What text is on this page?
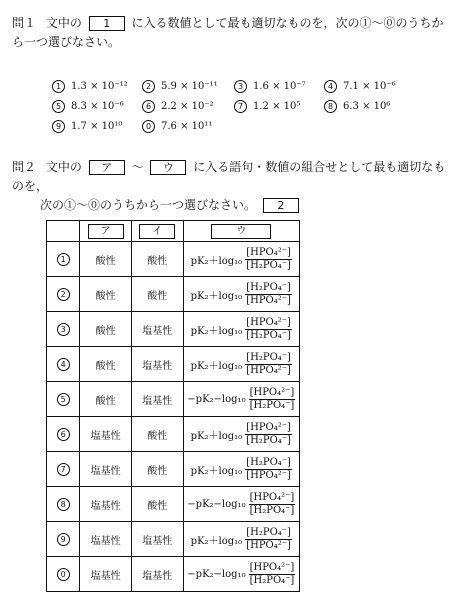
問１ 文中の 1 に入る数値として最も適切なものを，次の①～⓪のうちから一つ選びなさい。
1 1.3 × 10⁻¹²	2 5.9 × 10⁻¹¹	3 1.6 × 10⁻⁷	4 7.1 × 10⁻⁶
5 8.3 × 10⁻⁶	6 2.2 × 10⁻²	7 1.2 × 10⁵	8 6.3 × 10⁶
9 1.7 × 10¹⁰	0 7.6 × 10¹¹
問２ 文中の ア ～ ウ に入る語句・数値の組合せとして最も適切なものを，
次の①～⓪のうちから一つ選びなさい。 2
	ア	イ	ウ
1	酸性	酸性	$pK_2+\log_{10} \frac{\text{[HPO₄²⁻]}}{\text{[H₂PO₄⁻]}}$

2	酸性	酸性	$pK_2+\log_{10} \frac{\text{[H₂PO₄⁻]}}{\text{[HPO₄²⁻]}}$

3	酸性	塩基性	$pK_2+\log_{10} \frac{\text{[HPO₄²⁻]}}{\text{[H₂PO₄⁻]}}$

4	酸性	塩基性	$pK_2+\log_{10} \frac{\text{[H₂PO₄⁻]}}{\text{[HPO₄²⁻]}}$

5	酸性	塩基性	$-pK_2-\log_{10} \frac{\text{[HPO₄²⁻]}}{\text{[H₂PO₄⁻]}}$

6	塩基性	酸性	$pK_2+\log_{10} \frac{\text{[HPO₄²⁻]}}{\text{[H₂PO₄⁻]}}$

7	塩基性	酸性	$pK_2+\log_{10} \frac{\text{[H₂PO₄⁻]}}{\text{[HPO₄²⁻]}}$

8	塩基性	酸性	$-pK_2-\log_{10} \frac{\text{[HPO₄²⁻]}}{\text{[H₂PO₄⁻]}}$

9	塩基性	塩基性	$pK_2+\log_{10} \frac{\text{[H₂PO₄⁻]}}{\text{[HPO₄²⁻]}}$

0	塩基性	塩基性	$-pK_2-\log_{10} \frac{\text{[HPO₄²⁻]}}{\text{[H₂PO₄⁻]}}$
